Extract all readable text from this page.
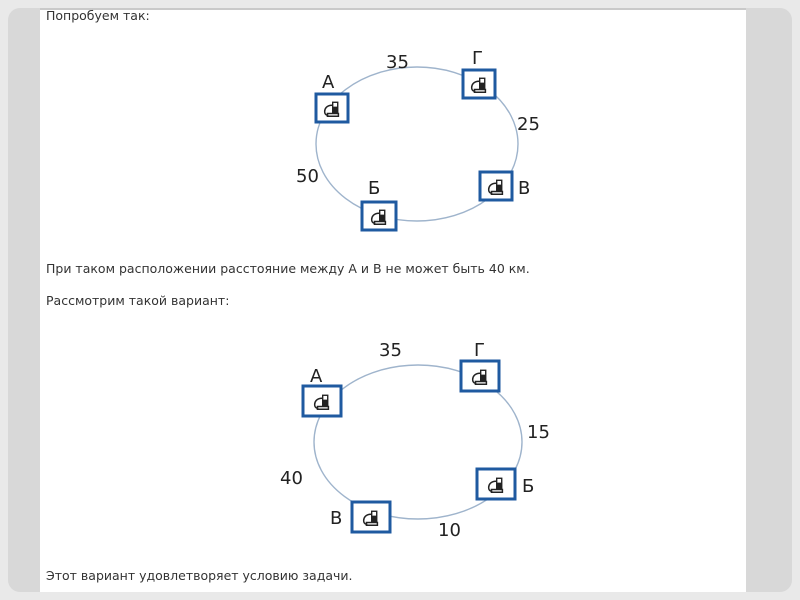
Попробуем так:
А
Г
В
Б
35
25
50
А
Г
Б
В
35
15
10
40
При таком расположении расстояние между А и В не может быть 40 км.
Рассмотрим такой вариант:
Этот вариант удовлетворяет условию задачи.
